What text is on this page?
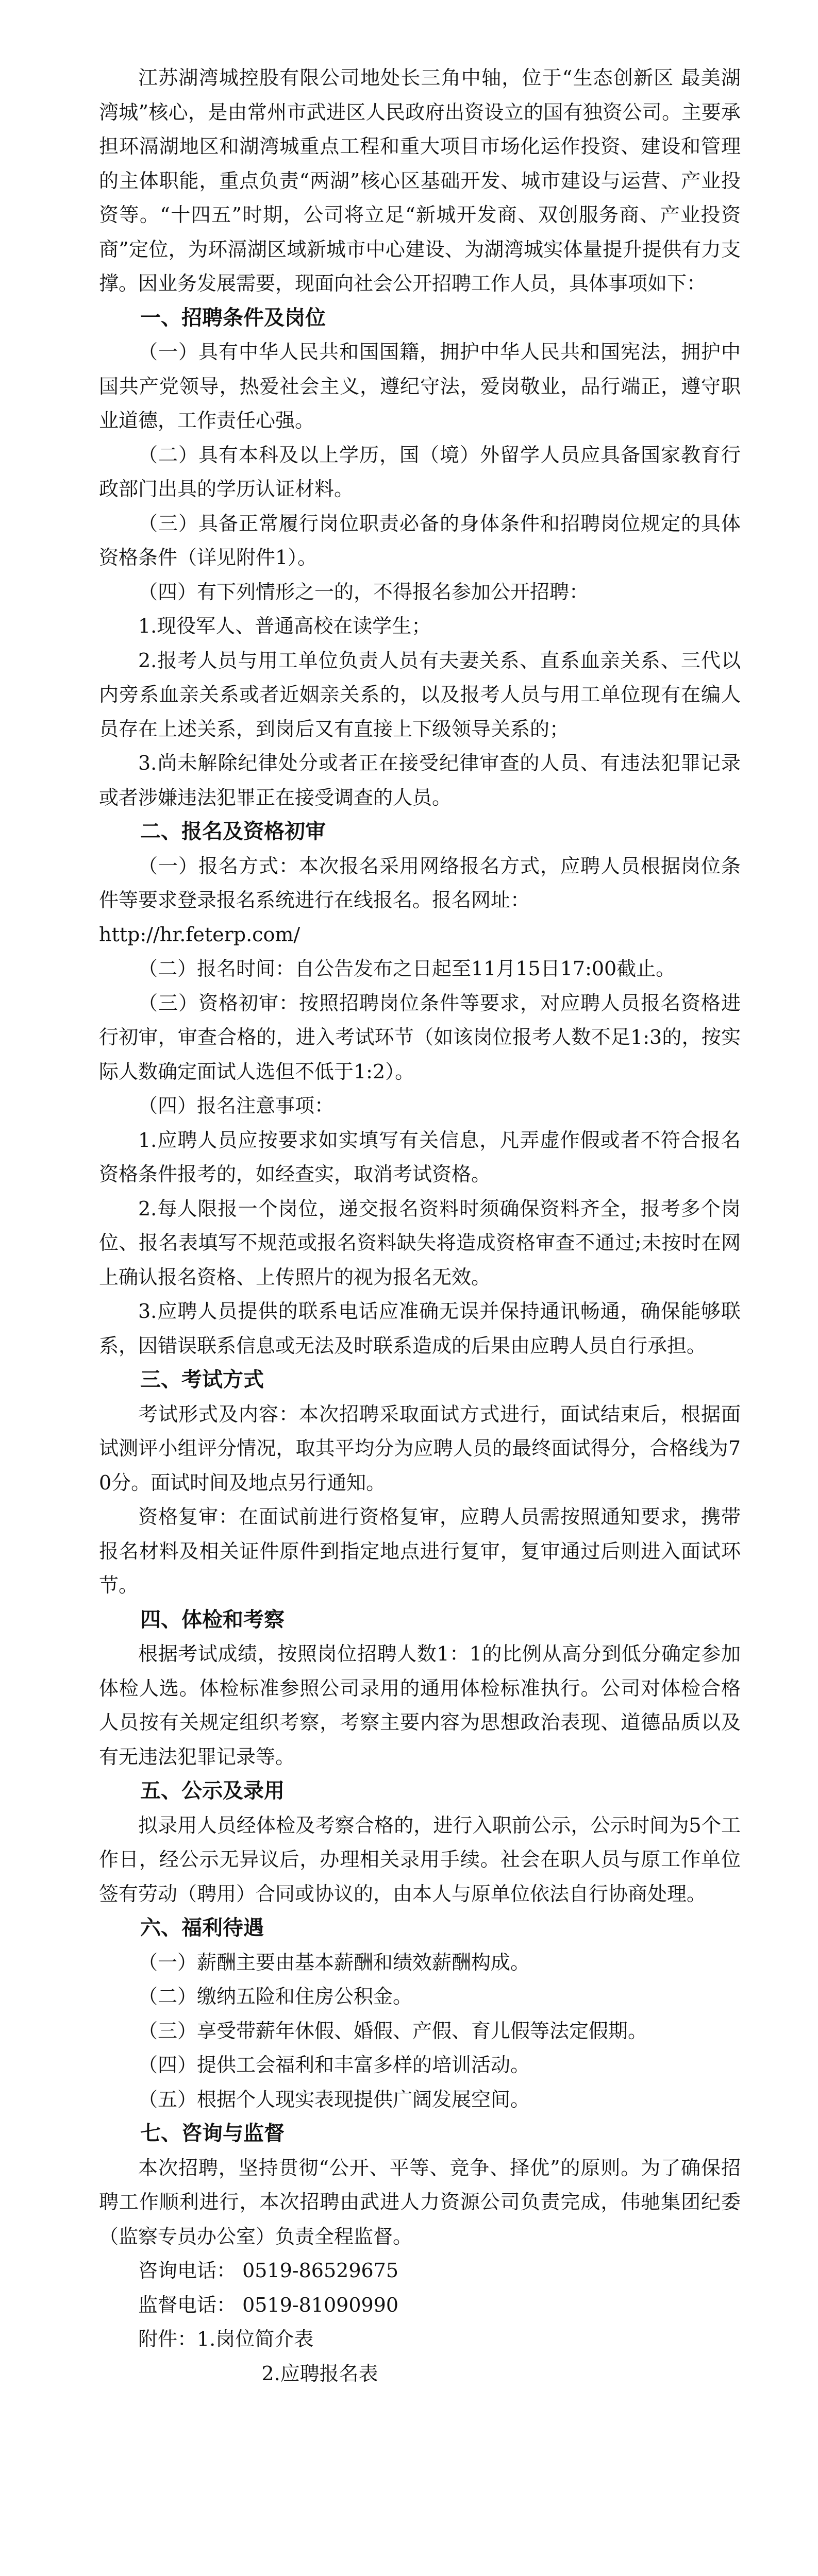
江苏湖湾城控股有限公司地处长三角中轴，位于“生态创新区 最美湖湾城”核心，是由常州市武进区人民政府出资设立的国有独资公司。主要承担环滆湖地区和湖湾城重点工程和重大项目市场化运作投资、建设和管理的主体职能，重点负责“两湖”核心区基础开发、城市建设与运营、产业投资等。“十四五”时期，公司将立足“新城开发商、双创服务商、产业投资商”定位，为环滆湖区域新城市中心建设、为湖湾城实体量提升提供有力支撑。因业务发展需要，现面向社会公开招聘工作人员，具体事项如下：

一、招聘条件及岗位

（一）具有中华人民共和国国籍，拥护中华人民共和国宪法，拥护中国共产党领导，热爱社会主义，遵纪守法，爱岗敬业，品行端正，遵守职业道德，工作责任心强。

（二）具有本科及以上学历，国（境）外留学人员应具备国家教育行政部门出具的学历认证材料。

（三）具备正常履行岗位职责必备的身体条件和招聘岗位规定的具体资格条件（详见附件1）。

（四）有下列情形之一的，不得报名参加公开招聘：

1.现役军人、普通高校在读学生；

2.报考人员与用工单位负责人员有夫妻关系、直系血亲关系、三代以内旁系血亲关系或者近姻亲关系的，以及报考人员与用工单位现有在编人员存在上述关系，到岗后又有直接上下级领导关系的；

3.尚未解除纪律处分或者正在接受纪律审查的人员、有违法犯罪记录或者涉嫌违法犯罪正在接受调查的人员。

二、报名及资格初审

（一）报名方式：本次报名采用网络报名方式，应聘人员根据岗位条件等要求登录报名系统进行在线报名。报名网址：

http://hr.feterp.com/

（二）报名时间：自公告发布之日起至11月15日17:00截止。

（三）资格初审：按照招聘岗位条件等要求，对应聘人员报名资格进行初审，审查合格的，进入考试环节（如该岗位报考人数不足1:3的，按实际人数确定面试人选但不低于1:2）。

（四）报名注意事项：

1.应聘人员应按要求如实填写有关信息，凡弄虚作假或者不符合报名资格条件报考的，如经查实，取消考试资格。

2.每人限报一个岗位，递交报名资料时须确保资料齐全，报考多个岗位、报名表填写不规范或报名资料缺失将造成资格审查不通过;未按时在网上确认报名资格、上传照片的视为报名无效。

3.应聘人员提供的联系电话应准确无误并保持通讯畅通，确保能够联系，因错误联系信息或无法及时联系造成的后果由应聘人员自行承担。

三、考试方式

考试形式及内容：本次招聘采取面试方式进行，面试结束后，根据面试测评小组评分情况，取其平均分为应聘人员的最终面试得分，合格线为70分。面试时间及地点另行通知。

资格复审：在面试前进行资格复审，应聘人员需按照通知要求，携带报名材料及相关证件原件到指定地点进行复审，复审通过后则进入面试环节。

四、体检和考察

根据考试成绩，按照岗位招聘人数1：1的比例从高分到低分确定参加体检人选。体检标准参照公司录用的通用体检标准执行。公司对体检合格人员按有关规定组织考察，考察主要内容为思想政治表现、道德品质以及有无违法犯罪记录等。

五、公示及录用

拟录用人员经体检及考察合格的，进行入职前公示，公示时间为5个工作日，经公示无异议后，办理相关录用手续。社会在职人员与原工作单位签有劳动（聘用）合同或协议的，由本人与原单位依法自行协商处理。

六、福利待遇

（一）薪酬主要由基本薪酬和绩效薪酬构成。

（二）缴纳五险和住房公积金。

（三）享受带薪年休假、婚假、产假、育儿假等法定假期。

（四）提供工会福利和丰富多样的培训活动。

（五）根据个人现实表现提供广阔发展空间。

七、咨询与监督

本次招聘，坚持贯彻“公开、平等、竞争、择优”的原则。为了确保招聘工作顺利进行，本次招聘由武进人力资源公司负责完成，伟驰集团纪委（监察专员办公室）负责全程监督。

咨询电话： 0519-86529675

监督电话： 0519-81090990

附件：1.岗位简介表

2.应聘报名表
